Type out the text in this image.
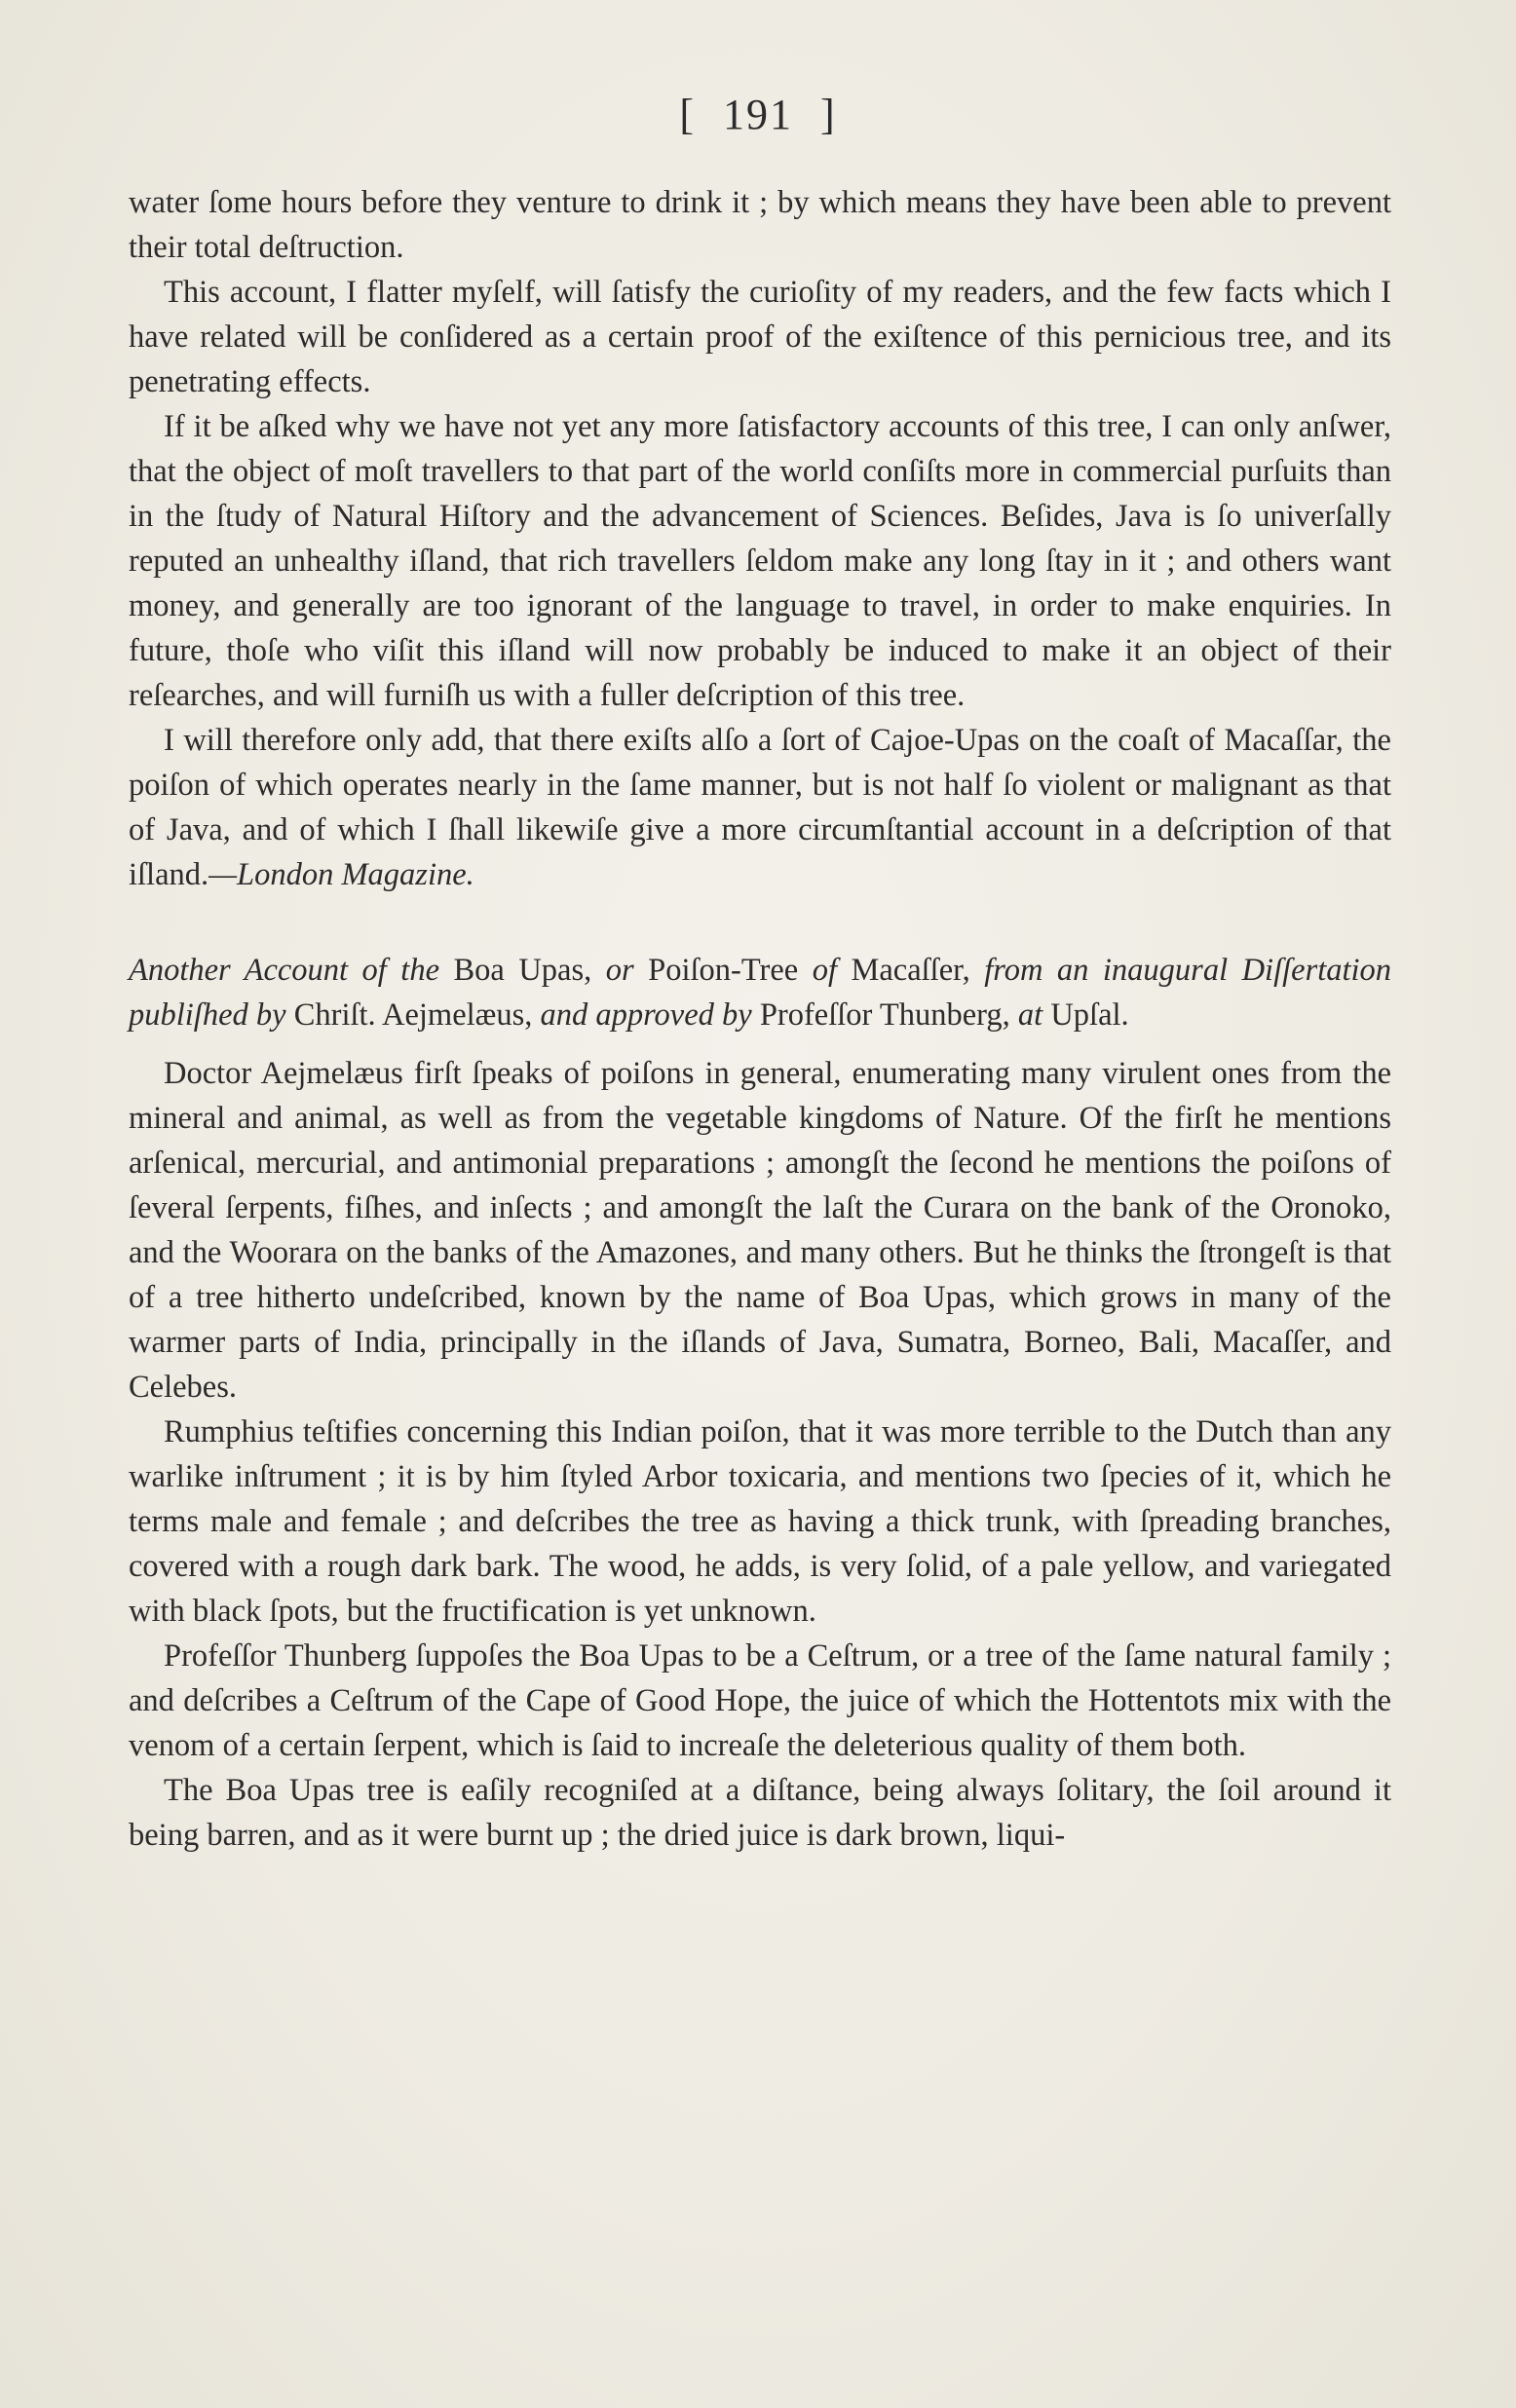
[ 191 ]

water ſome hours before they venture to drink it ; by which means they have been able to prevent their total deſtruction.

This account, I flatter myſelf, will ſatisfy the curioſity of my readers, and the few facts which I have related will be conſidered as a certain proof of the exiſtence of this pernicious tree, and its penetrating effects.

If it be aſked why we have not yet any more ſatisfactory accounts of this tree, I can only anſwer, that the object of moſt travellers to that part of the world conſiſts more in commercial purſuits than in the ſtudy of Natural Hiſtory and the advancement of Sciences. Beſides, Java is ſo univerſally reputed an unhealthy iſland, that rich travellers ſeldom make any long ſtay in it ; and others want money, and generally are too ignorant of the language to travel, in order to make enquiries. In future, thoſe who viſit this iſland will now probably be induced to make it an object of their reſearches, and will furniſh us with a fuller deſcription of this tree.

I will therefore only add, that there exiſts alſo a ſort of Cajoe-Upas on the coaſt of Macaſſar, the poiſon of which operates nearly in the ſame manner, but is not half ſo violent or malignant as that of Java, and of which I ſhall likewiſe give a more circumſtantial account in a deſcription of that iſland.—London Magazine.

Another Account of the Boa Upas, or Poiſon-Tree of Macaſſer, from an inaugural Diſſertation publiſhed by Chriſt. Aejmelæus, and approved by Profeſſor Thunberg, at Upſal.

Doctor Aejmelæus firſt ſpeaks of poiſons in general, enumerating many virulent ones from the mineral and animal, as well as from the vegetable kingdoms of Nature. Of the firſt he mentions arſenical, mercurial, and antimonial preparations ; amongſt the ſecond he mentions the poiſons of ſeveral ſerpents, fiſhes, and inſects ; and amongſt the laſt the Curara on the bank of the Oronoko, and the Woorara on the banks of the Amazones, and many others. But he thinks the ſtrongeſt is that of a tree hitherto undeſcribed, known by the name of Boa Upas, which grows in many of the warmer parts of India, principally in the iſlands of Java, Sumatra, Borneo, Bali, Macaſſer, and Celebes.

Rumphius teſtifies concerning this Indian poiſon, that it was more terrible to the Dutch than any warlike inſtrument ; it is by him ſtyled Arbor toxicaria, and mentions two ſpecies of it, which he terms male and female ; and deſcribes the tree as having a thick trunk, with ſpreading branches, covered with a rough dark bark. The wood, he adds, is very ſolid, of a pale yellow, and variegated with black ſpots, but the fructification is yet unknown.

Profeſſor Thunberg ſuppoſes the Boa Upas to be a Ceſtrum, or a tree of the ſame natural family ; and deſcribes a Ceſtrum of the Cape of Good Hope, the juice of which the Hottentots mix with the venom of a certain ſerpent, which is ſaid to increaſe the deleterious quality of them both.

The Boa Upas tree is eaſily recogniſed at a diſtance, being always ſolitary, the ſoil around it being barren, and as it were burnt up ; the dried juice is dark brown, liqui-
